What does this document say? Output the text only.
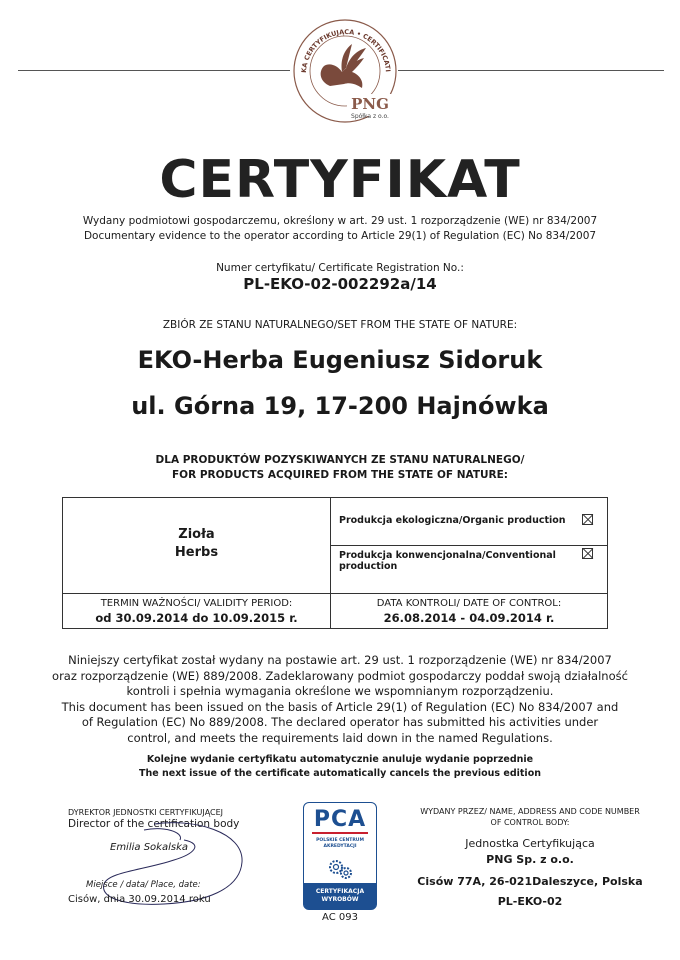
KA CERTYFIKUJĄCA • CERTIFICATI
PNG
Spółka z o.o.
CERTYFIKAT
Wydany podmiotowi gospodarczemu, określony w art. 29 ust. 1 rozporządzenie (WE) nr 834/2007
Documentary evidence to the operator according to Article 29(1) of Regulation (EC) No 834/2007
Numer certyfikatu/ Certificate Registration No.:
PL-EKO-02-002292a/14
ZBIÓR ZE STANU NATURALNEGO/SET FROM THE STATE OF NATURE:
EKO-Herba Eugeniusz Sidoruk
ul. Górna 19, 17-200 Hajnówka
DLA PRODUKTÓW POZYSKIWANYCH ZE STANU NATURALNEGO/
FOR PRODUCTS ACQUIRED FROM THE STATE OF NATURE:
Zioła
Herbs
Produkcja ekologiczna/Organic production
Produkcja konwencjonalna/Conventional production
TERMIN WAŻNOŚCI/ VALIDITY PERIOD:
od 30.09.2014 do 10.09.2015 r.
DATA KONTROLI/ DATE OF CONTROL:
26.08.2014 - 04.09.2014 r.
Niniejszy certyfikat został wydany na postawie art. 29 ust. 1 rozporządzenie (WE) nr 834/2007
oraz rozporządzenie (WE) 889/2008. Zadeklarowany podmiot gospodarczy poddał swoją działalność
kontroli i spełnia wymagania określone we wspomnianym rozporządzeniu.
This document has been issued on the basis of Article 29(1) of Regulation (EC) No 834/2007 and
of Regulation (EC) No 889/2008. The declared operator has submitted his activities under
control, and meets the requirements laid down in the named Regulations.
Kolejne wydanie certyfikatu automatycznie anuluje wydanie poprzednie
The next issue of the certificate automatically cancels the previous edition
DYREKTOR JEDNOSTKI CERTYFIKUJĄCEJ
Director of the certification body
Emilia Sokalska
Miejsce / data/ Place, date:
Cisów, dnia 30.09.2014 roku
PCA
POLSKIE CENTRUM
AKREDYTACJI
CERTYFIKACJA
WYROBÓW
AC 093
WYDANY PRZEZ/ NAME, ADDRESS AND CODE NUMBER
OF CONTROL BODY:
Jednostka Certyfikująca
PNG Sp. z o.o.
Cisów 77A, 26-021Daleszyce, Polska
PL-EKO-02
